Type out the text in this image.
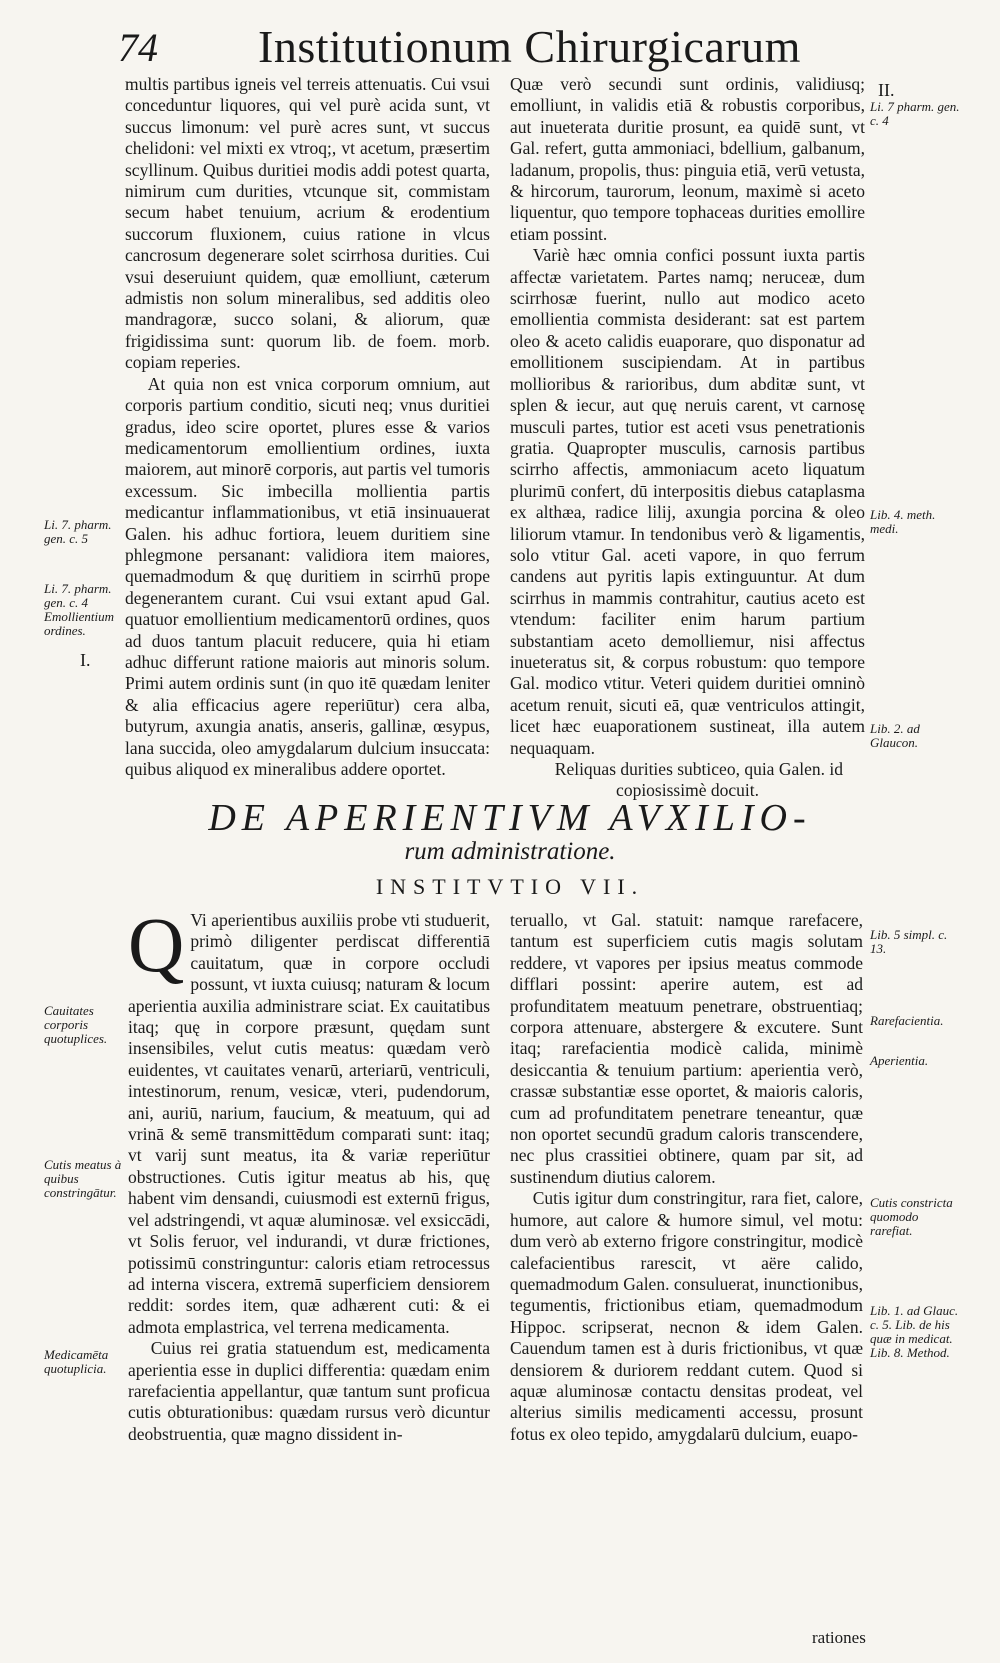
74 Institutionum Chirurgicarum

multis partibus igneis vel terreis attenuatis. Cui vsui conceduntur liquores, qui vel purè acida sunt, vt succus limonum: vel purè acres sunt, vt succus chelidoni: vel mixti ex vtroq;, vt acetum, præsertim scyllinum. Quibus duritiei modis addi potest quarta, nimirum cum durities, vtcunque sit, commistam secum habet tenuium, acrium & erodentium succorum fluxionem, cuius ratione in vlcus cancrosum degenerare solet scirrhosa durities. Cui vsui deseruiunt quidem, quæ emolliunt, cæterum admistis non solum mineralibus, sed additis oleo mandragoræ, succo solani, & aliorum, quæ frigidissima sunt: quorum lib. de foem. morb. copiam reperies.

At quia non est vnica corporum omnium, aut corporis partium conditio, sicuti neq; vnus duritiei gradus, ideo scire oportet, plures esse & varios medicamentorum emollientium ordines, iuxta maiorem, aut minorē corporis, aut partis vel tumoris excessum. Sic imbecilla mollientia partis medicantur inflammationibus, vt etiā insinuauerat Galen. his adhuc fortiora, leuem duritiem sine phlegmone persanant: validiora item maiores, quemadmodum & quę duritiem in scirrhū prope degenerantem curant. Cui vsui extant apud Gal. quatuor emollientium medicamentorū ordines, quos ad duos tantum placuit reducere, quia hi etiam adhuc differunt ratione maioris aut minoris solum. Primi autem ordinis sunt (in quo itē quædam leniter & alia efficacius agere reperiūtur) cera alba, butyrum, axungia anatis, anseris, gallinæ, œsypus, lana succida, oleo amygdalarum dulcium insuccata: quibus aliquod ex mineralibus addere oportet.

Quæ verò secundi sunt ordinis, validiusq; emolliunt, in validis etiā & robustis corporibus, aut inueterata duritie prosunt, ea quidē sunt, vt Gal. refert, gutta ammoniaci, bdellium, galbanum, ladanum, propolis, thus: pinguia etiā, verū vetusta, & hircorum, taurorum, leonum, maximè si aceto liquentur, quo tempore tophaceas durities emollire etiam possint.

Variè hæc omnia confici possunt iuxta partis affectæ varietatem. Partes namq; neruceæ, dum scirrhosæ fuerint, nullo aut modico aceto emollientia commista desiderant: sat est partem oleo & aceto calidis euaporare, quo disponatur ad emollitionem suscipiendam. At in partibus mollioribus & rarioribus, dum abditæ sunt, vt splen & iecur, aut quę neruis carent, vt carnosę musculi partes, tutior est aceti vsus penetrationis gratia. Quapropter musculis, carnosis partibus scirrho affectis, ammoniacum aceto liquatum plurimū confert, dū interpositis diebus cataplasma ex althæa, radice lilij, axungia porcina & oleo liliorum vtamur. In tendonibus verò & ligamentis, solo vtitur Gal. aceti vapore, in quo ferrum candens aut pyritis lapis extinguuntur. At dum scirrhus in mammis contrahitur, cautius aceto est vtendum: faciliter enim harum partium substantiam aceto demolliemur, nisi affectus inueteratus sit, & corpus robustum: quo tempore Gal. modico vtitur. Veteri quidem duritiei omninò acetum renuit, sicuti eā, quæ ventriculos attingit, licet hæc euaporationem sustineat, illa autem nequaquam.

Reliquas durities subticeo, quia Galen. id copiosissimè docuit.

II.
I.
Li. 7. pharm. gen. c. 5
Li. 7. pharm. gen. c. 4 Emollientium ordines.
Cauitates corporis quotuplices.
Cutis meatus à quibus constringātur.
Medicamēta quotuplicia.
Li. 7 pharm. gen. c. 4
Lib. 4. meth. medi.
Lib. 2. ad Glaucon.
Lib. 5 simpl. c. 13.
Rarefacientia.
Aperientia.
Cutis constricta quomodo rarefiat.
Lib. 1. ad Glauc. c. 5. Lib. de his quæ in medicat. Lib. 8. Method.
DE APERIENTIVM AVXILIO-
rum administratione.
INSTITVTIO VII.

Q Vi aperientibus auxiliis probe vti studuerit, primò diligenter perdiscat differentiā cauitatum, quæ in corpore occludi possunt, vt iuxta cuiusq; naturam & locum aperientia auxilia administrare sciat. Ex cauitatibus itaq; quę in corpore præsunt, quędam sunt insensibiles, velut cutis meatus: quædam verò euidentes, vt cauitates venarū, arteriarū, ventriculi, intestinorum, renum, vesicæ, vteri, pudendorum, ani, auriū, narium, faucium, & meatuum, qui ad vrinā & semē transmittēdum comparati sunt: itaq; vt varij sunt meatus, ita & variæ reperiūtur obstructiones. Cutis igitur meatus ab his, quę habent vim densandi, cuiusmodi est externū frigus, vel adstringendi, vt aquæ aluminosæ. vel exsiccādi, vt Solis feruor, vel indurandi, vt duræ frictiones, potissimū constringuntur: caloris etiam retrocessus ad interna viscera, extremā superficiem densiorem reddit: sordes item, quæ adhærent cuti: & ei admota emplastrica, vel terrena medicamenta.

Cuius rei gratia statuendum est, medicamenta aperientia esse in duplici differentia: quædam enim rarefacientia appellantur, quæ tantum sunt proficua cutis obturationibus: quædam rursus verò dicuntur deobstruentia, quæ magno dissident in-

teruallo, vt Gal. statuit: namque rarefacere, tantum est superficiem cutis magis solutam reddere, vt vapores per ipsius meatus commode difflari possint: aperire autem, est ad profunditatem meatuum penetrare, obstruentiaq; corpora attenuare, abstergere & excutere. Sunt itaq; rarefacientia modicè calida, minimè desiccantia & tenuium partium: aperientia verò, crassæ substantiæ esse oportet, & maioris caloris, cum ad profunditatem penetrare teneantur, quæ non oportet secundū gradum caloris transcendere, nec plus crassitiei obtinere, quam par sit, ad sustinendum diutius calorem.

Cutis igitur dum constringitur, rara fiet, calore, humore, aut calore & humore simul, vel motu: dum verò ab externo frigore constringitur, modicè calefacientibus rarescit, vt aëre calido, quemadmodum Galen. consuluerat, inunctionibus, tegumentis, frictionibus etiam, quemadmodum Hippoc. scripserat, necnon & idem Galen. Cauendum tamen est à duris frictionibus, vt quæ densiorem & duriorem reddant cutem. Quod si aquæ aluminosæ contactu densitas prodeat, vel alterius similis medicamenti accessu, prosunt fotus ex oleo tepido, amygdalarū dulcium, euapo-

rationes
